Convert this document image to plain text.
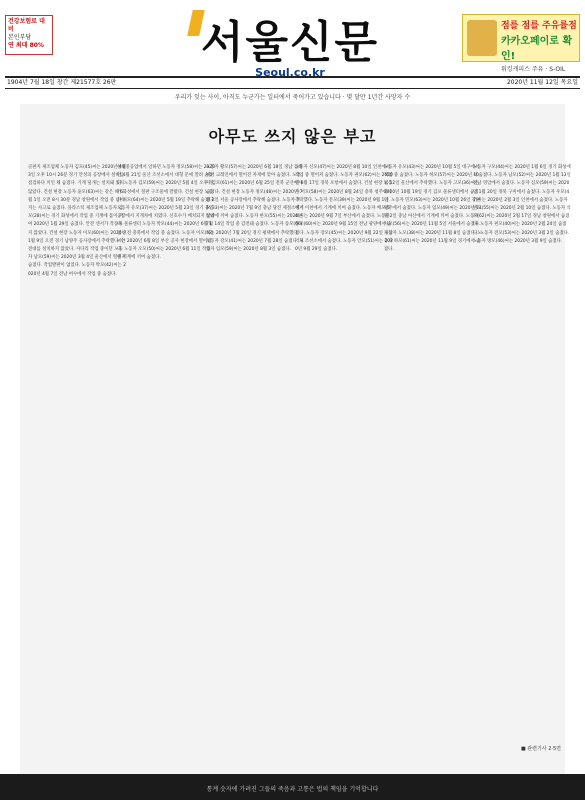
건강보험료 대비
본인부담
연 최대 80%	서울신문
Seoul.co.kr
점를 점를 주유률점
카카오페이로 확인!
워킹캐피스 주유 · S-OIL
1904년 7월 18일 창간 제21577호 26판	2020년 11월 12일 목요일
우리가 잊는 사이, 아직도 누군가는 일터에서 죽어가고 있습니다 · 몇 달만 1년간 사망자 수
아무도 쓰지 않은 부고
골판지 제조업체 노동자 김모(45)씨는 2020년 4월 3일 오후 10시 26분 경기 안성의 공장에서 설비를 점검하다 끼인 채 숨졌다. 기계 덮개는 설치돼 있지 않았다. 건설 현장 노동자 윤모(63)씨는 같은 해 6월 1일 오전 8시 30분 경남 창원에서 작업 중 넘어지는 사고로 숨졌다. 플라스틱 제조업체 노동자 김모(28)씨는 경기 화성에서 작업 중 기계에 몸이 끼여 2020년 1월 29일 숨졌다. 안전 센서가 작동하지 않았다. 건설 현장 노동자 이모(60)씨는 2020년 1월 9일 오전 경기 남양주 공사장에서 추락했다. 안전대를 설치하지 않았다. 사다리 작업 중이던 노동자 남모(59)씨는 2020년 3월 4일 울산에서 떨어져 숨졌다. 작업발판이 없었다. 노동자 박모(42)씨는 2020년 4월 7일 전남 여수에서 작업 중 숨졌다.
현대중공업에서 일하던 노동자 정모(58)씨는 2020년 4월 21일 울산 조선소에서 대형 문에 깔려 숨졌다. 노동자 김모(59)씨는 2020년 5월 4일 오후 경기 화성에서 철판 구조물에 깔렸다. 건설 현장 노동자 최모(64)씨는 2020년 5월 19일 추락해 숨졌다. 노동자 유모(37)씨는 2020년 5월 23일 경기 용인 공장에서 지게차에 치였다. 신호수가 배치되지 않았다. 물류센터 노동자 박모(44)씨는 2020년 6월 1일 오전 충북에서 작업 중 숨졌다. 노동자 이모(52)씨는 2020년 6월 8일 부산 공사 현장에서 떨어졌다. 노동자 오모(50)씨는 2020년 6월 11일 작업 중 기계에 끼여 숨졌다.
노동자 황모(57)씨는 2020년 6월 18일 경남 김해에서 크레인에서 떨어진 자재에 맞아 숨졌다. 노동자 김모(61)씨는 2020년 6월 25일 전북 군산에서 숨졌다. 건설 현장 노동자 정모(48)씨는 2020년 7월 2일 서울 공사장에서 추락해 숨졌다. 노동자 조모(33)씨는 2020년 7월 9일 충남 당진 제철소에서 설비에 끼여 숨졌다. 노동자 한모(55)씨는 2020년 7월 14일 작업 중 감전돼 숨졌다. 노동자 송모(66)씨는 2020년 7월 20일 경기 평택에서 추락했다. 노동자 강모(41)씨는 2020년 7월 28일 숨졌다. 노동자 임모(59)씨는 2020년 8월 3일 숨졌다.
노동자 신모(47)씨는 2020년 8월 10일 인천에서 작업 중 떨어져 숨졌다. 노동자 권모(62)씨는 2020년 8월 17일 경북 포항에서 숨졌다. 건설 현장 노동자 서모(58)씨는 2020년 8월 24일 충북 청주에서 추락했다. 노동자 문모(39)씨는 2020년 9월 1일 경기 이천에서 기계에 끼여 숨졌다. 노동자 배모(54)씨는 2020년 9월 7일 부산에서 숨졌다. 노동자 홍모(60)씨는 2020년 9월 15일 전남 광양에서 숨졌다. 노동자 장모(45)씨는 2020년 9월 22일 경남 거제 조선소에서 숨졌다. 노동자 안모(51)씨는 2020년 9월 29일 숨졌다.
노동자 유모(43)씨는 2020년 10월 5일 대구에서 작업 중 숨졌다. 노동자 허모(57)씨는 2020년 10월 12일 울산에서 추락했다. 노동자 고모(36)씨는 2020년 10월 19일 경기 김포 물류센터에서 숨졌다. 노동자 민모(63)씨는 2020년 10월 26일 강원 원주에서 숨졌다. 노동자 엄모(49)씨는 2020년 11월 2일 충남 아산에서 기계에 끼여 숨졌다. 노동자 차모(56)씨는 2020년 11월 5일 서울에서 숨졌다. 노동자 노모(38)씨는 2020년 11월 8일 숨졌다. 노동자 하모(61)씨는 2020년 11월 9일 경기에서 숨졌다.
노동자 구모(44)씨는 2020년 1월 6일 경기 화성에서 숨졌다. 노동자 남모(52)씨는 2020년 1월 13일 전남 영암에서 숨졌다. 노동자 심모(59)씨는 2020년 1월 20일 경북 구미에서 숨졌다. 노동자 우모(47)씨는 2020년 2월 3일 인천에서 숨졌다. 노동자 변모(55)씨는 2020년 2월 10일 숨졌다. 노동자 석모(62)씨는 2020년 2월 17일 경남 창원에서 숨졌다. 노동자 편모(40)씨는 2020년 2월 24일 숨졌다. 노동자 전모(53)씨는 2020년 3월 2일 숨졌다. 노동자 방모(46)씨는 2020년 3월 9일 숨졌다.
■ 관련기사 2·5면
통계 숫자에 가려진 그들의 죽음과 고통은 법의 책임을 기억합니다
